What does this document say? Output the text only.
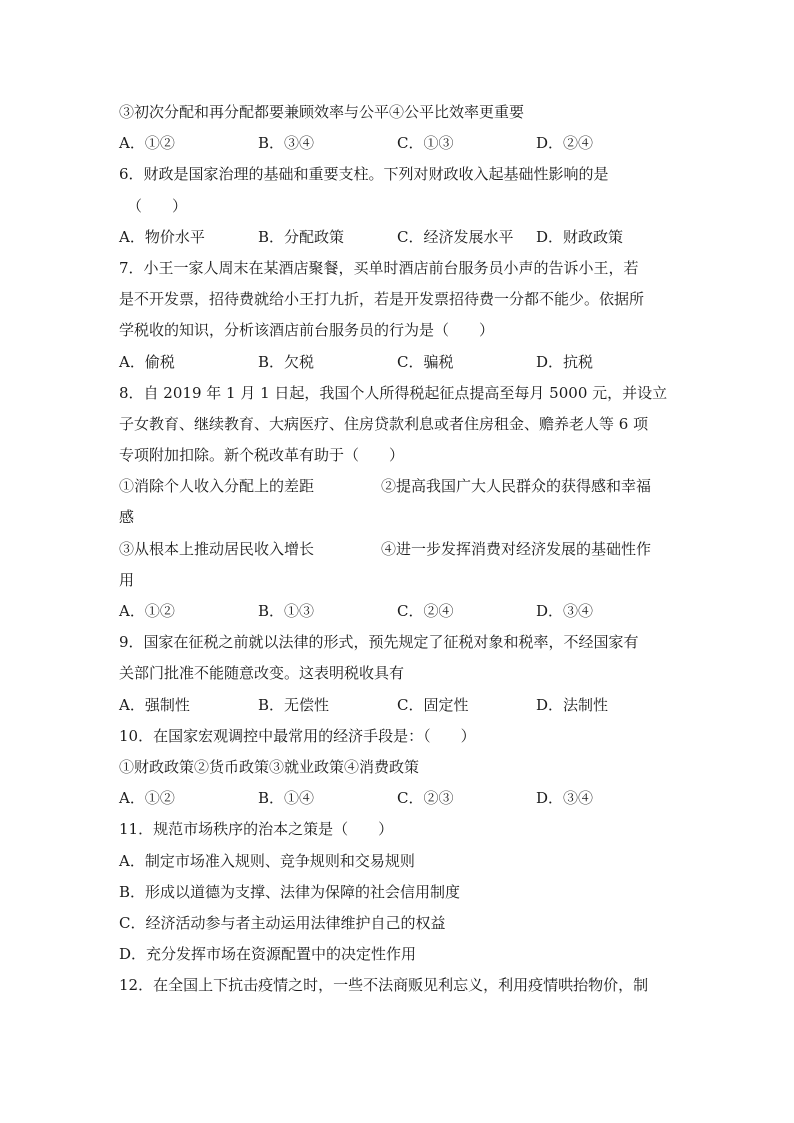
③初次分配和再分配都要兼顾效率与公平④公平比效率更重要
A．①②	B．③④	C．①③	D．②④
6．财政是国家治理的基础和重要支柱。下列对财政收入起基础性影响的是
（　　）
A．物价水平	B．分配政策	C．经济发展水平 D．财政政策
7．小王一家人周末在某酒店聚餐，买单时酒店前台服务员小声的告诉小王，若
是不开发票，招待费就给小王打九折，若是开发票招待费一分都不能少。依据所
学税收的知识，分析该酒店前台服务员的行为是（　　）
A．偷税	B．欠税	C．骗税	D．抗税
8．自 2019 年 1 月 1 日起，我国个人所得税起征点提高至每月 5000 元，并设立
子女教育、继续教育、大病医疗、住房贷款利息或者住房租金、赡养老人等 6 项
专项附加扣除。新个税改革有助于（　　）
①消除个人收入分配上的差距	②提高我国广大人民群众的获得感和幸福
感
③从根本上推动居民收入增长	④进一步发挥消费对经济发展的基础性作
用
A．①②	B．①③	C．②④	D．③④
9．国家在征税之前就以法律的形式，预先规定了征税对象和税率，不经国家有
关部门批准不能随意改变。这表明税收具有
A．强制性	B．无偿性	C．固定性	D．法制性
10．在国家宏观调控中最常用的经济手段是：（　　）
①财政政策②货币政策③就业政策④消费政策
A．①②	B．①④	C．②③	D．③④
11．规范市场秩序的治本之策是（　　）
A．制定市场准入规则、竞争规则和交易规则
B．形成以道德为支撑、法律为保障的社会信用制度
C．经济活动参与者主动运用法律维护自己的权益
D．充分发挥市场在资源配置中的决定性作用
12．在全国上下抗击疫情之时，一些不法商贩见利忘义，利用疫情哄抬物价，制
